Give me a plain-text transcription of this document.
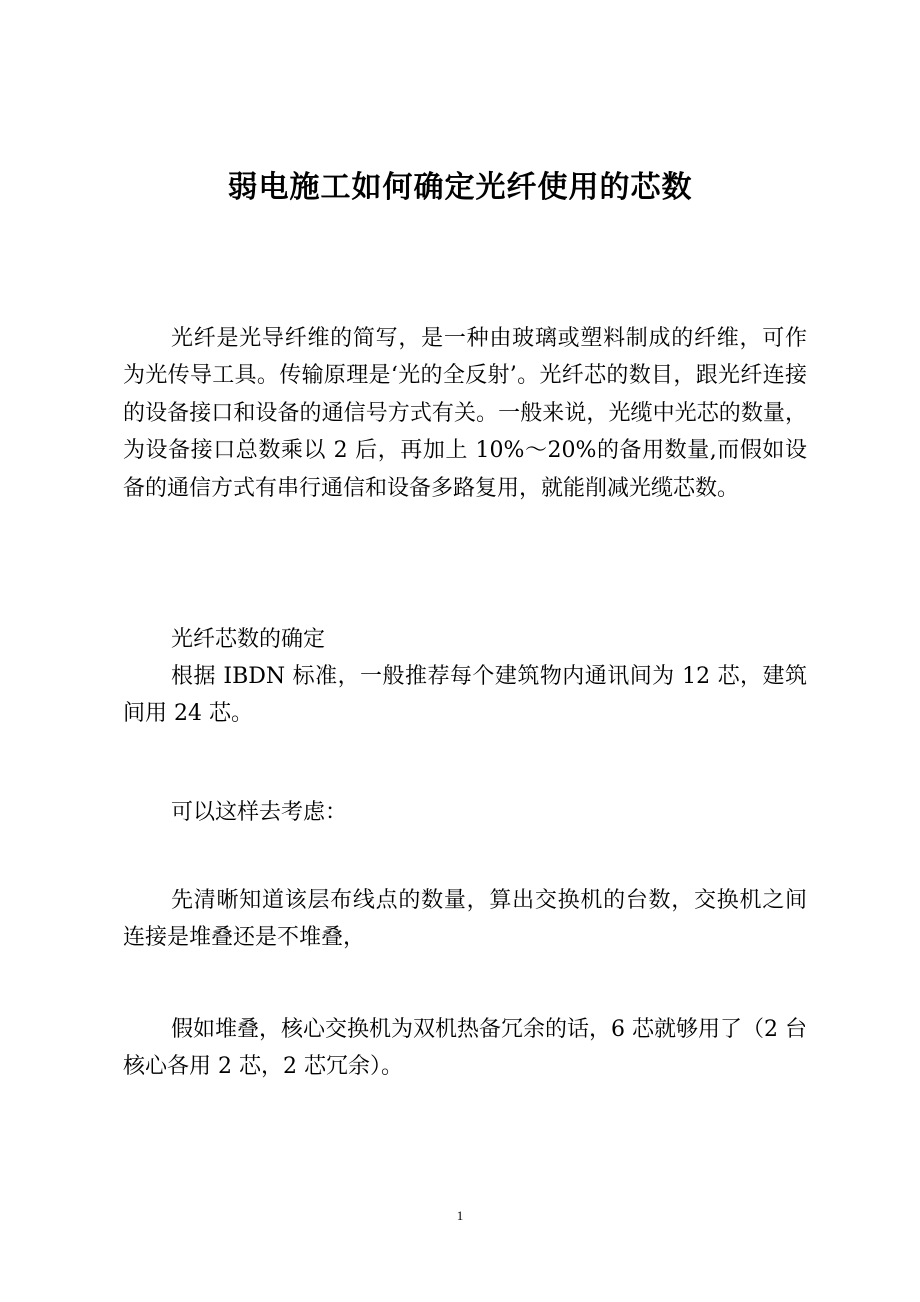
弱电施工如何确定光纤使用的芯数

光纤是光导纤维的简写，是一种由玻璃或塑料制成的纤维，可作为光传导工具。传输原理是‘光的全反射’。光纤芯的数目，跟光纤连接的设备接口和设备的通信号方式有关。一般来说，光缆中光芯的数量，为设备接口总数乘以 2 后，再加上 10%～20%的备用数量,而假如设备的通信方式有串行通信和设备多路复用，就能削减光缆芯数。

光纤芯数的确定

根据 IBDN 标准，一般推荐每个建筑物内通讯间为 12 芯，建筑间用 24 芯。

可以这样去考虑：

先清晰知道该层布线点的数量，算出交换机的台数，交换机之间连接是堆叠还是不堆叠，

假如堆叠，核心交换机为双机热备冗余的话，6 芯就够用了（2 台核心各用 2 芯，2 芯冗余）。

1
